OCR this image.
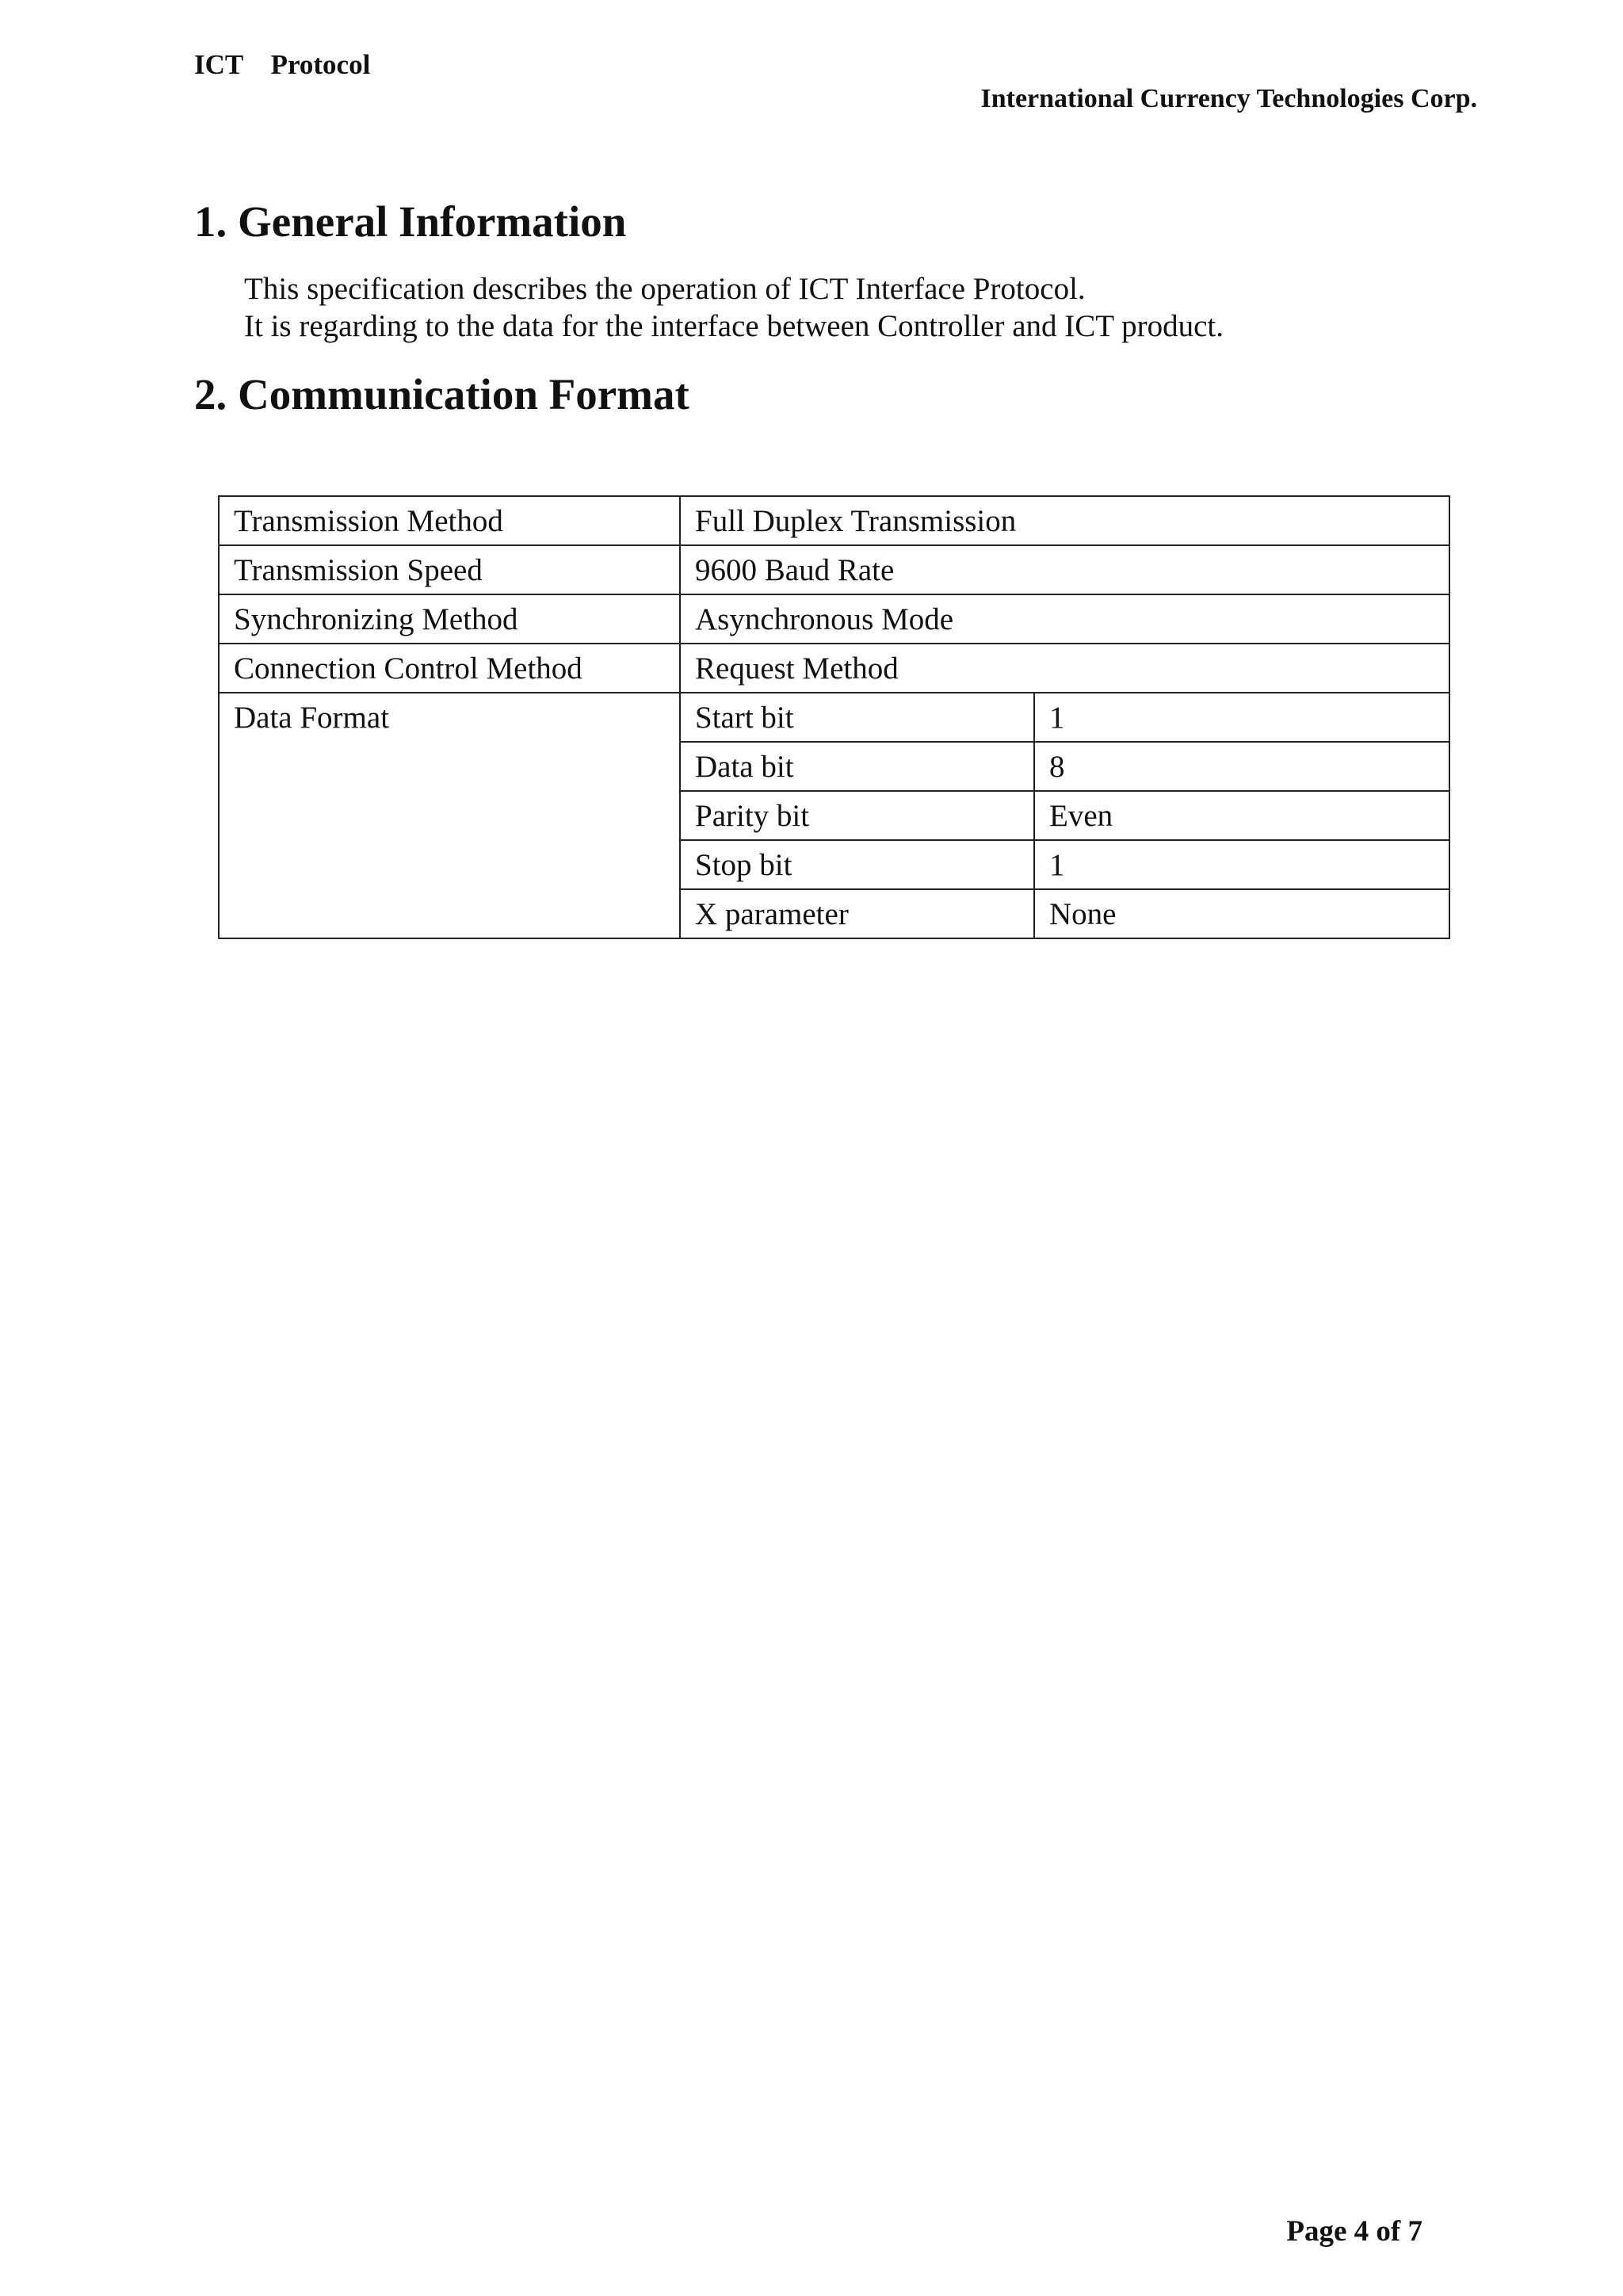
ICT    Protocol
International Currency Technologies Corp.
1. General Information
This specification describes the operation of ICT Interface Protocol.
It is regarding to the data for the interface between Controller and ICT product.
2. Communication Format
Transmission Method	Full Duplex Transmission	
Transmission Speed	9600 Baud Rate	
Synchronizing Method	Asynchronous Mode	
Connection Control Method	Request Method	
Data Format	Start bit	1
	Data bit	8
	Parity bit	Even
	Stop bit	1
	X parameter	None
Page 4 of 7
